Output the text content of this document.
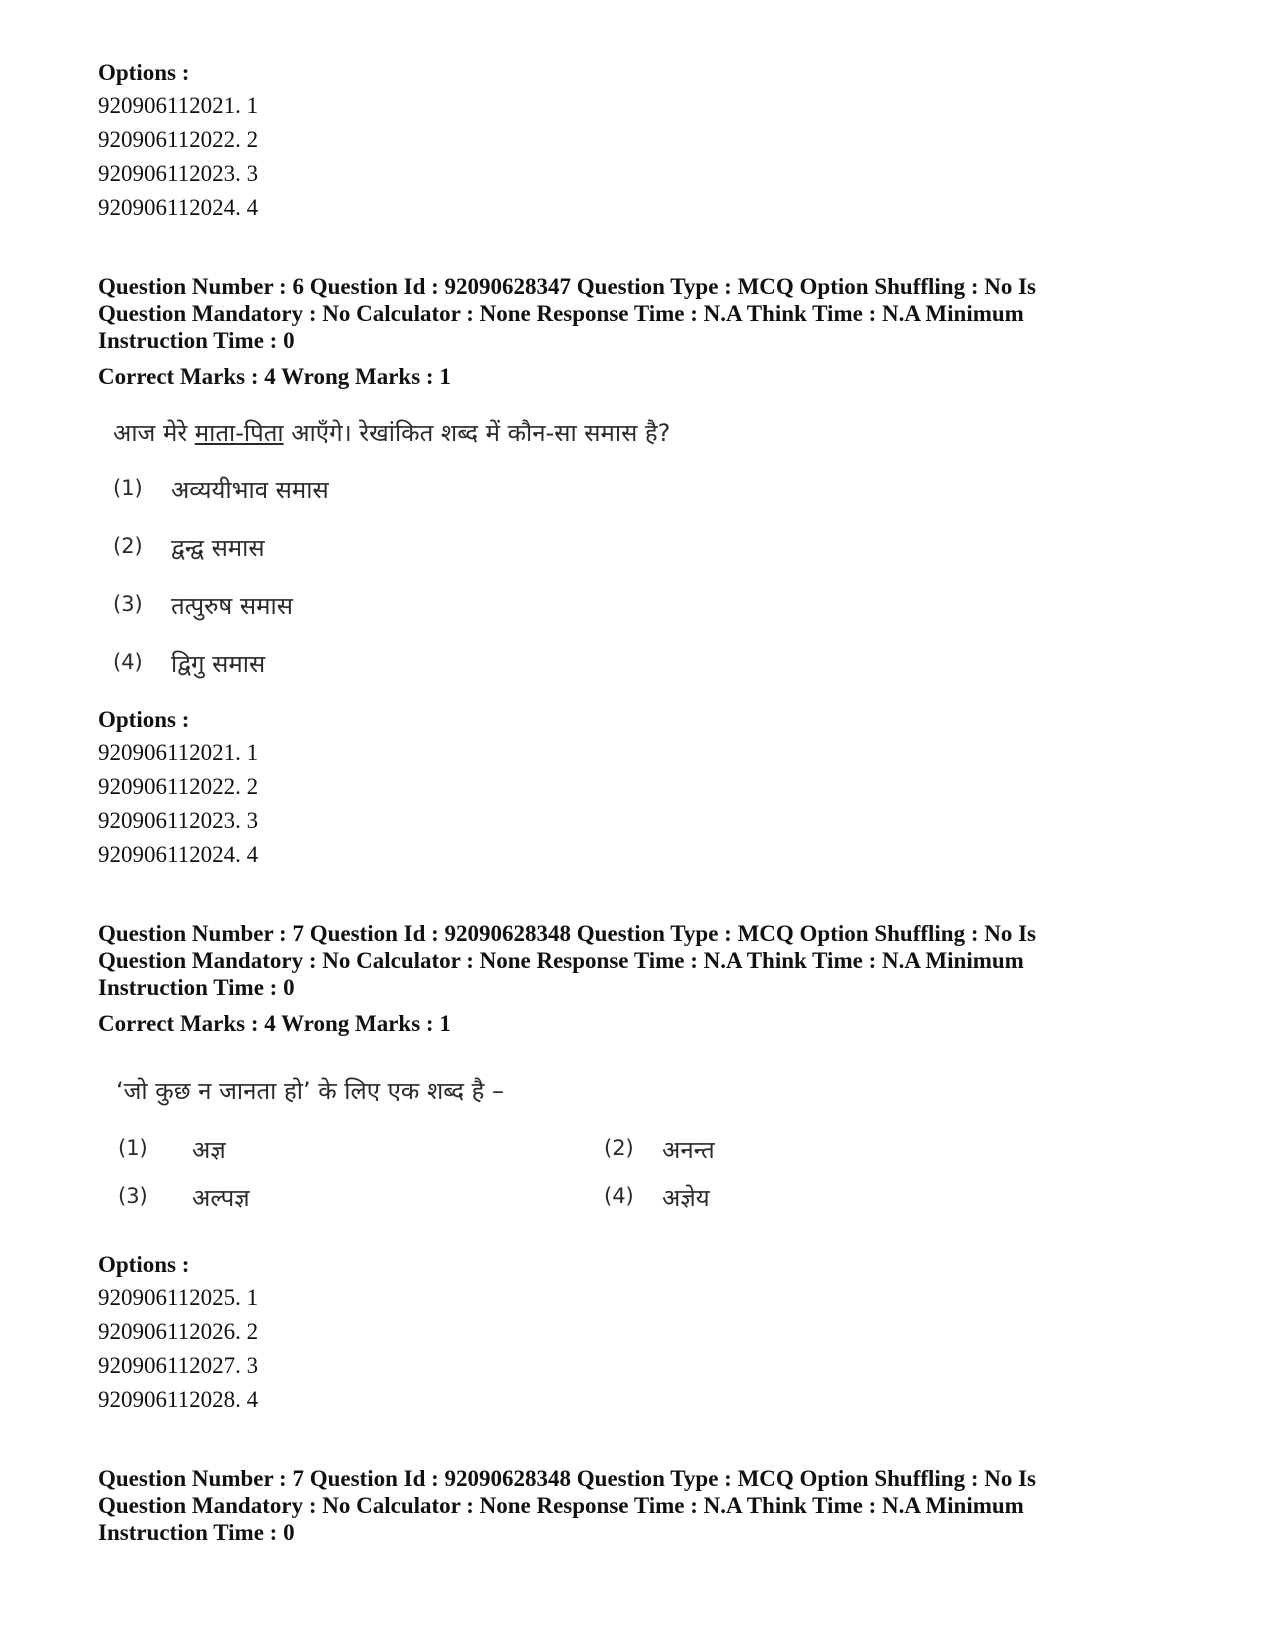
Options :
920906112021. 1
920906112022. 2
920906112023. 3
920906112024. 4
Question Number : 6 Question Id : 92090628347 Question Type : MCQ Option Shuffling : No Is
Question Mandatory : No Calculator : None Response Time : N.A Think Time : N.A Minimum
Instruction Time : 0
Correct Marks : 4 Wrong Marks : 1
आज मेरे माता-पिता आएँगे। रेखांकित शब्द में कौन-सा समास है?
(1) अव्ययीभाव समास
(2) द्वन्द्व समास
(3) तत्पुरुष समास
(4) द्विगु समास
Options :
920906112021. 1
920906112022. 2
920906112023. 3
920906112024. 4
Question Number : 7 Question Id : 92090628348 Question Type : MCQ Option Shuffling : No Is
Question Mandatory : No Calculator : None Response Time : N.A Think Time : N.A Minimum
Instruction Time : 0
Correct Marks : 4 Wrong Marks : 1
‘जो कुछ न जानता हो’ के लिए एक शब्द है –
(1) अज्ञ	(2) अनन्त
(3) अल्पज्ञ	(4) अज्ञेय
Options :
920906112025. 1
920906112026. 2
920906112027. 3
920906112028. 4
Question Number : 7 Question Id : 92090628348 Question Type : MCQ Option Shuffling : No Is
Question Mandatory : No Calculator : None Response Time : N.A Think Time : N.A Minimum
Instruction Time : 0
